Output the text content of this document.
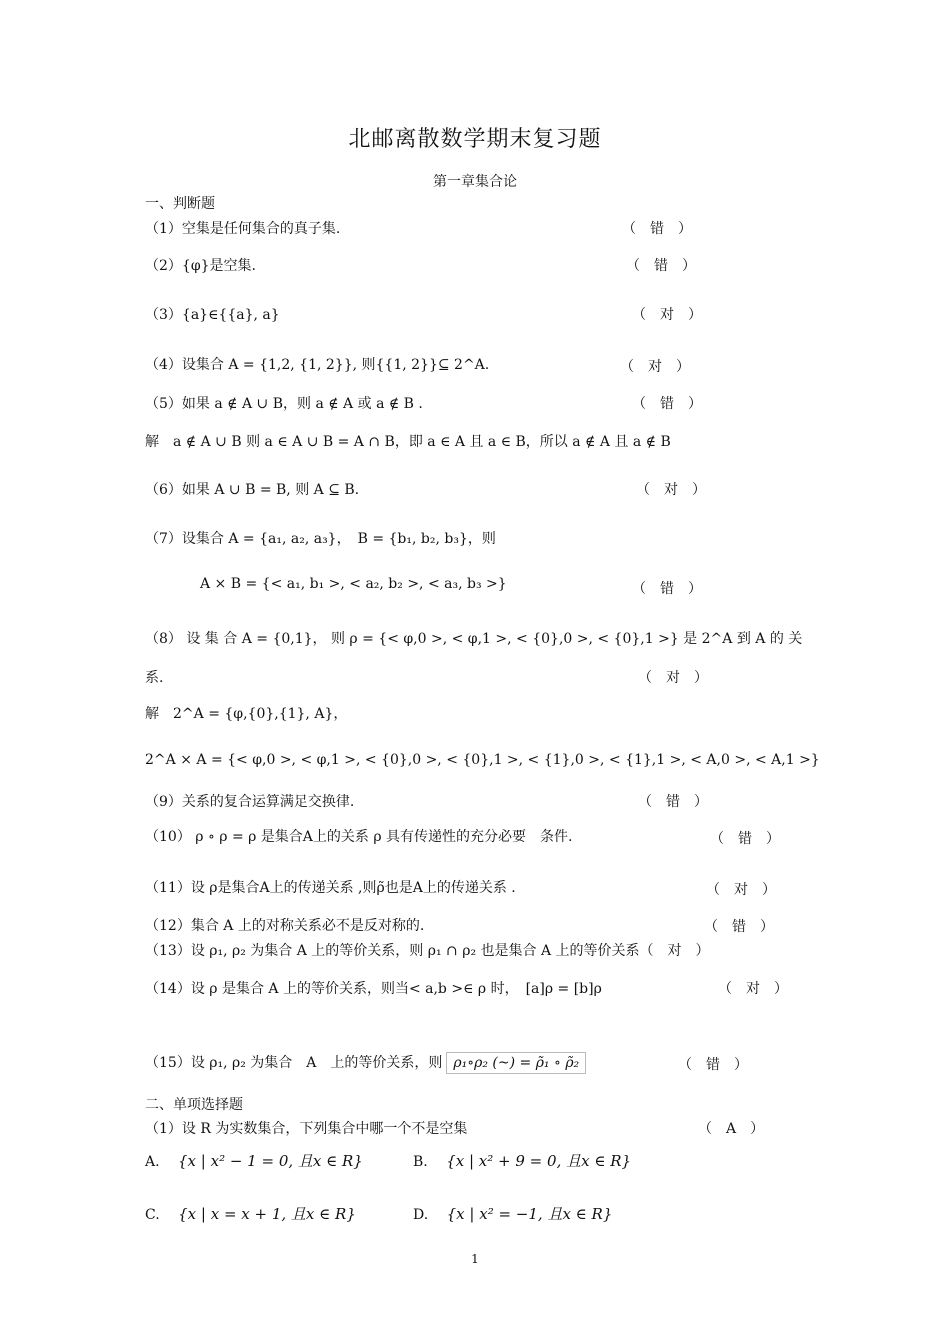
北邮离散数学期末复习题
第一章集合论
一、判断题
（1）空集是任何集合的真子集.	（　错　）
（2）{φ}是空集.	（　错　）
（3）{a}∈{{a}, a}	（　对　）
（4）设集合 A = {1,2, {1, 2}}, 则{{1, 2}}⊆ 2^A.	（　对　）
（5）如果 a ∉ A ∪ B，则 a ∉ A 或 a ∉ B .	（　错　）
解　a ∉ A ∪ B 则 a ∈ A ∪ B = A ∩ B，即 a ∈ A 且 a ∈ B，所以 a ∉ A 且 a ∉ B
（6）如果 A ∪ B = B, 则 A ⊆ B.	（　对　）
（7）设集合 A = {a₁, a₂, a₃}，　B = {b₁, b₂, b₃}，则
A × B = {< a₁, b₁ >, < a₂, b₂ >, < a₃, b₃ >}	（　错　）
（8） 设 集 合 A = {0,1}， 则 ρ = {< φ,0 >, < φ,1 >, < {0},0 >, < {0},1 >} 是 2^A 到 A 的 关
系.	（　对　）
解　2^A = {φ,{0},{1}, A}，
2^A × A = {< φ,0 >, < φ,1 >, < {0},0 >, < {0},1 >, < {1},0 >, < {1},1 >, < A,0 >, < A,1 >}
（9）关系的复合运算满足交换律.	（　错　）
（10） ρ ∘ ρ = ρ 是集合A上的关系 ρ 具有传递性的充分必要　条件.	（　错　）
（11）设 ρ是集合A上的传递关系 ,则ρ̃也是A上的传递关系 .	（　对　）
（12）集合 A 上的对称关系必不是反对称的.	（　错　）
（13）设 ρ₁, ρ₂ 为集合 A 上的等价关系，则 ρ₁ ∩ ρ₂ 也是集合 A 上的等价关系（　对　）
（14）设 ρ 是集合 A 上的等价关系，则当< a,b >∈ ρ 时，　[a]ρ = [b]ρ	（　对　）
（15）设 ρ₁, ρ₂ 为集合　A　上的等价关系，则 ρ₁∘ρ₂ (~) = ρ̃₁ ∘ ρ̃₂	（　错　）
二、单项选择题
（1）设 R 为实数集合，下列集合中哪一个不是空集	（　A　）
A. {x | x² − 1 = 0, 且x ∈ R}	B. {x | x² + 9 = 0, 且x ∈ R}
C. {x | x = x + 1, 且x ∈ R}	D. {x | x² = −1, 且x ∈ R}
1
